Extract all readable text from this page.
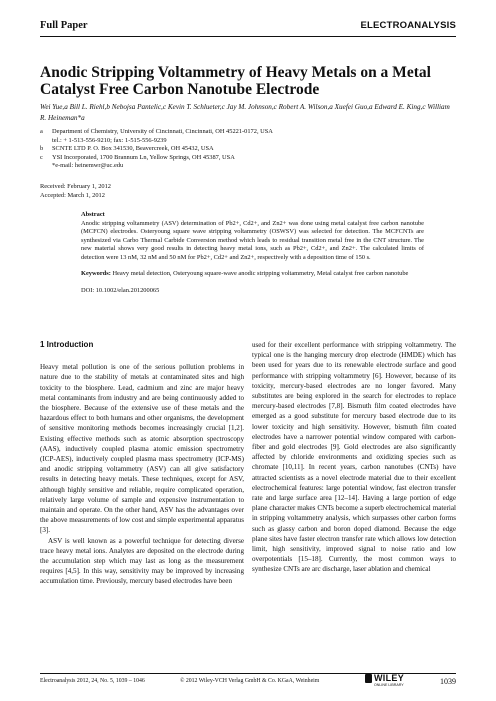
Full Paper	ELECTROANALYSIS
Anodic Stripping Voltammetry of Heavy Metals on a Metal Catalyst Free Carbon Nanotube Electrode
Wei Yue,a Bill L. Riehl,b Nebojsa Pantelic,c Kevin T. Schlueter,c Jay M. Johnson,c Robert A. Wilson,a Xuefei Guo,a Edward E. King,c William R. Heineman*a
a	Department of Chemistry, University of Cincinnati, Cincinnati, OH 45221-0172, USA
tel.: + 1-513-556-9210; fax: 1-515-556-9239
b	SCNTE LTD P. O. Box 341530, Beavercreek, OH 45432, USA
c	YSI Incorporated, 1700 Brannum Ln, Yellow Springs, OH 45387, USA
*e-mail: heinemwr@uc.edu
Received: February 1, 2012
Accepted: March 1, 2012
Abstract

Anodic stripping voltammetry (ASV) determination of Pb2+, Cd2+, and Zn2+ was done using metal catalyst free carbon nanotube (MCFCN) electrodes. Osteryoung square wave stripping voltammetry (OSWSV) was selected for detection. The MCFCNTs are synthesized via Carbo Thermal Carbide Conversion method which leads to residual transition metal free in the CNT structure. The new material shows very good results in detecting heavy metal ions, such as Pb2+, Cd2+, and Zn2+. The calculated limits of detection were 13 nM, 32 nM and 50 nM for Pb2+, Cd2+ and Zn2+, respectively with a deposition time of 150 s.

Keywords: Heavy metal detection, Osteryoung square-wave anodic stripping voltammetry, Metal catalyst free carbon nanotube

DOI: 10.1002/elan.201200065

1 Introduction

Heavy metal pollution is one of the serious pollution problems in nature due to the stability of metals at contaminated sites and high toxicity to the biosphere. Lead, cadmium and zinc are major heavy metal contaminants from industry and are being continuously added to the biosphere. Because of the extensive use of these metals and the hazardous effect to both humans and other organisms, the development of sensitive monitoring methods becomes increasingly crucial [1,2]. Existing effective methods such as atomic absorption spectroscopy (AAS), inductively coupled plasma atomic emission spectrometry (ICP-AES), inductively coupled plasma mass spectrometry (ICP-MS) and anodic stripping voltammetry (ASV) can all give satisfactory results in detecting heavy metals. These techniques, except for ASV, although highly sensitive and reliable, require complicated operation, relatively large volume of sample and expensive instrumentation to maintain and operate. On the other hand, ASV has the advantages over the above measurements of low cost and simple experimental apparatus [3].

ASV is well known as a powerful technique for detecting diverse trace heavy metal ions. Analytes are deposited on the electrode during the accumulation step which may last as long as the measurement requires [4,5]. In this way, sensitivity may be improved by increasing accumulation time. Previously, mercury based electrodes have been

used for their excellent performance with stripping voltammetry. The typical one is the hanging mercury drop electrode (HMDE) which has been used for years due to its renewable electrode surface and good performance with stripping voltammetry [6]. However, because of its toxicity, mercury-based electrodes are no longer favored. Many substitutes are being explored in the search for electrodes to replace mercury-based electrodes [7,8]. Bismuth film coated electrodes have emerged as a good substitute for mercury based electrode due to its lower toxicity and high sensitivity. However, bismuth film coated electrodes have a narrower potential window compared with carbon-fiber and gold electrodes [9]. Gold electrodes are also significantly affected by chloride environments and oxidizing species such as chromate [10,11]. In recent years, carbon nanotubes (CNTs) have attracted scientists as a novel electrode material due to their excellent electrochemical features: large potential window, fast electron transfer rate and large surface area [12–14]. Having a large portion of edge plane character makes CNTs become a superb electrochemical material in stripping voltammetry analysis, which surpasses other carbon forms such as glassy carbon and boron doped diamond. Because the edge plane sites have faster electron transfer rate which allows low detection limit, high sensitivity, improved signal to noise ratio and low overpotentials [15–18]. Currently, the most common ways to synthesize CNTs are arc discharge, laser ablation and chemical

Electroanalysis 2012, 24, No. 5, 1039 – 1046	© 2012 Wiley-VCH Verlag GmbH & Co. KGaA, Weinheim	WILEY
ONLINE LIBRARY	1039
